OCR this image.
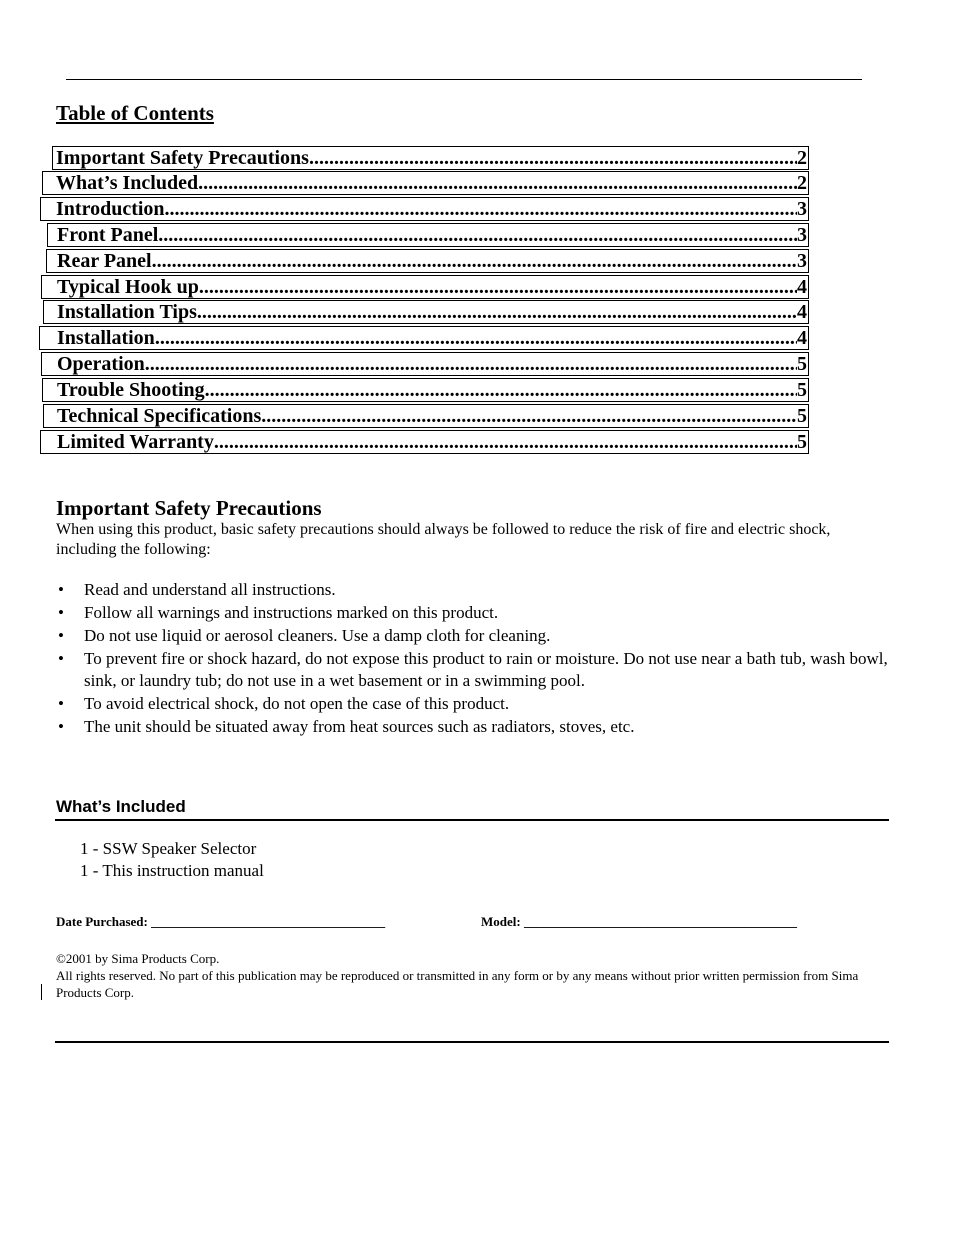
Table of Contents
Important Safety Precautions .....	2
What’s Included .....	2
Introduction .....	3
Front Panel .....	3
Rear Panel .....	3
Typical Hook up .....	4
Installation Tips .....	4
Installation .....	4
Operation .....	5
Trouble Shooting .....	5
Technical Specifications .....	5
Limited Warranty .....	5
Important Safety Precautions

When using this product, basic safety precautions should always be followed to reduce the risk of fire and electric shock, including the following:

• Read and understand all instructions.
• Follow all warnings and instructions marked on this product.
• Do not use liquid or aerosol cleaners. Use a damp cloth for cleaning.
• To prevent fire or shock hazard, do not expose this product to rain or moisture. Do not use near a bath tub, wash bowl, sink, or laundry tub; do not use in a wet basement or in a swimming pool.
• To avoid electrical shock, do not open the case of this product.
• The unit should be situated away from heat sources such as radiators, stoves, etc.
What’s Included
1 - SSW Speaker Selector
1 - This instruction manual
Date Purchased: ____________________________________	Model: __________________________________________
©2001 by Sima Products Corp.
All rights reserved. No part of this publication may be reproduced or transmitted in any form or by any means without prior written permission from Sima Products Corp.
